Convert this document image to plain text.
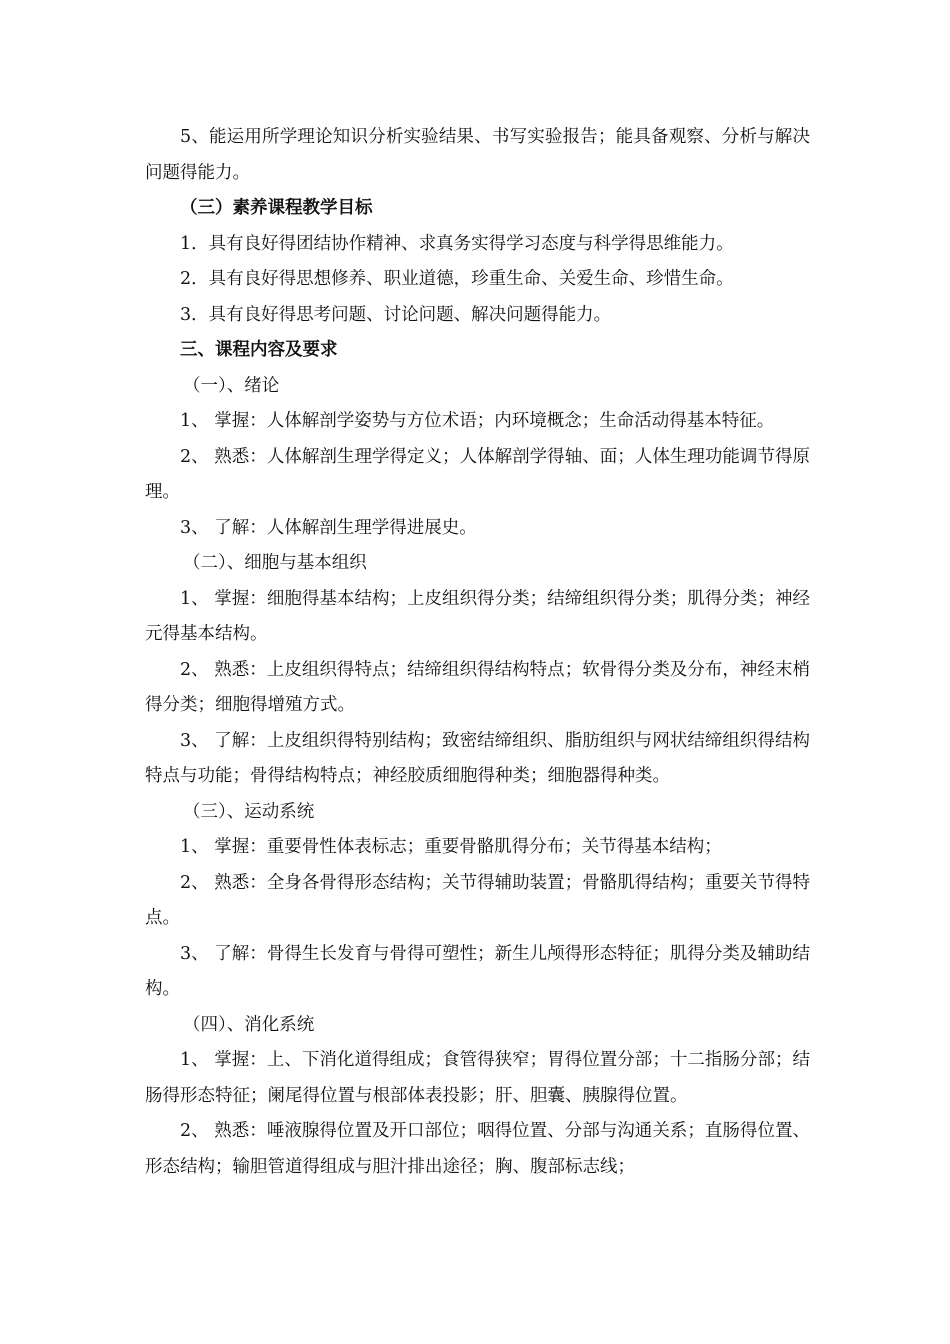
5、能运用所学理论知识分析实验结果、书写实验报告；能具备观察、分析与解决问题得能力。

（三）素养课程教学目标

1．具有良好得团结协作精神、求真务实得学习态度与科学得思维能力。

2．具有良好得思想修养、职业道德，珍重生命、关爱生命、珍惜生命。

3．具有良好得思考问题、讨论问题、解决问题得能力。

三、课程内容及要求

（一）、绪论

1、 掌握：人体解剖学姿势与方位术语；内环境概念；生命活动得基本特征。

2、 熟悉：人体解剖生理学得定义；人体解剖学得轴、面；人体生理功能调节得原理。

3、 了解：人体解剖生理学得进展史。

（二）、细胞与基本组织

1、 掌握：细胞得基本结构；上皮组织得分类；结缔组织得分类；肌得分类；神经元得基本结构。

2、 熟悉：上皮组织得特点；结缔组织得结构特点；软骨得分类及分布，神经末梢得分类；细胞得增殖方式。

3、 了解：上皮组织得特别结构；致密结缔组织、脂肪组织与网状结缔组织得结构特点与功能；骨得结构特点；神经胶质细胞得种类；细胞器得种类。

（三）、运动系统

1、 掌握：重要骨性体表标志；重要骨骼肌得分布；关节得基本结构；

2、 熟悉：全身各骨得形态结构；关节得辅助装置；骨骼肌得结构；重要关节得特点。

3、 了解：骨得生长发育与骨得可塑性；新生儿颅得形态特征；肌得分类及辅助结构。

（四）、消化系统

1、 掌握：上、下消化道得组成；食管得狭窄；胃得位置分部；十二指肠分部；结肠得形态特征；阑尾得位置与根部体表投影；肝、胆囊、胰腺得位置。

2、 熟悉：唾液腺得位置及开口部位；咽得位置、分部与沟通关系；直肠得位置、形态结构；输胆管道得组成与胆汁排出途径；胸、腹部标志线；
